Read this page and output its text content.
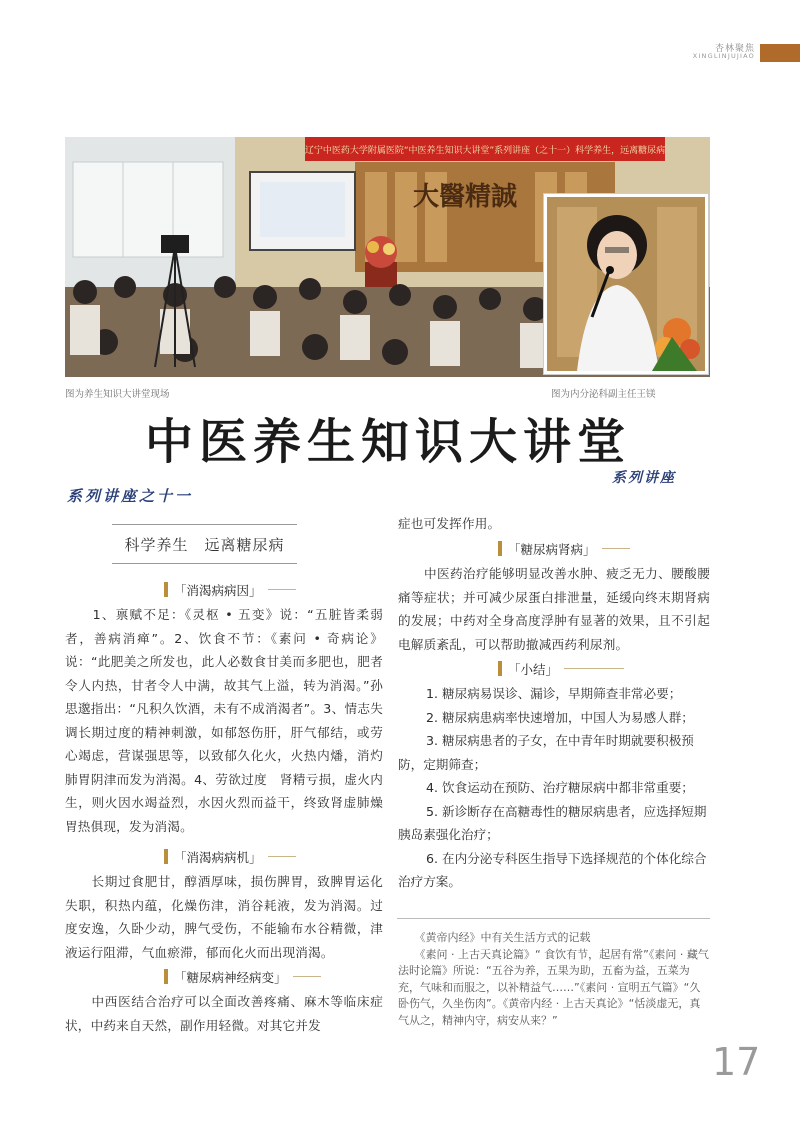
杏林聚焦
XINGLINJUJIAO
辽宁中医药大学附属医院“中医养生知识大讲堂”系列讲座（之十一）科学养生，远离糖尿病
大醫精誠
图为养生知识大讲堂现场	图为内分泌科副主任王镁
中医养生知识大讲堂
系列讲座
系列讲座之十一
科学养生　远离糖尿病
「消渴病病因」
　　1、禀赋不足：《灵枢 • 五变》说：“五脏皆柔弱者，善病消瘅”。2、饮食不节：《素问 • 奇病论》说：“此肥美之所发也，此人必数食甘美而多肥也，肥者令人内热，甘者令人中满，故其气上溢，转为消渴。”孙思邈指出：“凡积久饮酒，未有不成消渴者”。3、情志失调长期过度的精神刺激，如郁怒伤肝，肝气郁结，或劳心竭虑，营谋强思等，以致郁久化火，火热内燔，消灼肺胃阴津而发为消渴。4、劳欲过度　肾精亏损，虚火内生，则火因水竭益烈，水因火烈而益干，终致肾虚肺燥胃热俱现，发为消渴。
「消渴病病机」
　　长期过食肥甘，醇酒厚味，损伤脾胃，致脾胃运化失职，积热内蕴，化燥伤津，消谷耗液，发为消渴。过度安逸，久卧少动，脾气受伤，不能输布水谷精微，津液运行阻滞，气血瘀滞，郁而化火而出现消渴。
「糖尿病神经病变」
　　中西医结合治疗可以全面改善疼痛、麻木等临床症状，中药来自天然，副作用轻微。对其它并发
症也可发挥作用。
「糖尿病肾病」
　　中医药治疗能够明显改善水肿、疲乏无力、腰酸腰痛等症状；并可减少尿蛋白排泄量，延缓向终末期肾病的发展；中药对全身高度浮肿有显著的效果，且不引起电解质紊乱，可以帮助撤减西药利尿剂。
「小结」

1. 糖尿病易误诊、漏诊，早期筛查非常必要；

2. 糖尿病患病率快速增加，中国人为易感人群；

3. 糖尿病患者的子女，在中青年时期就要积极预防，定期筛查；

4. 饮食运动在预防、治疗糖尿病中都非常重要；

5. 新诊断存在高糖毒性的糖尿病患者，应选择短期胰岛素强化治疗；

6. 在内分泌专科医生指导下选择规范的个体化综合治疗方案。

　　《黄帝内经》中有关生活方式的记载
　　《素问 · 上古天真论篇》“ 食饮有节，起居有常”《素问 · 藏气法时论篇》所说：“五谷为养，五果为助，五畜为益，五菜为充，气味和而服之，以补精益气……”《素问 · 宣明五气篇》“久卧伤气，久坐伤肉”。《黄帝内经 · 上古天真论》“恬淡虚无，真气从之，精神内守，病安从来？”
17
